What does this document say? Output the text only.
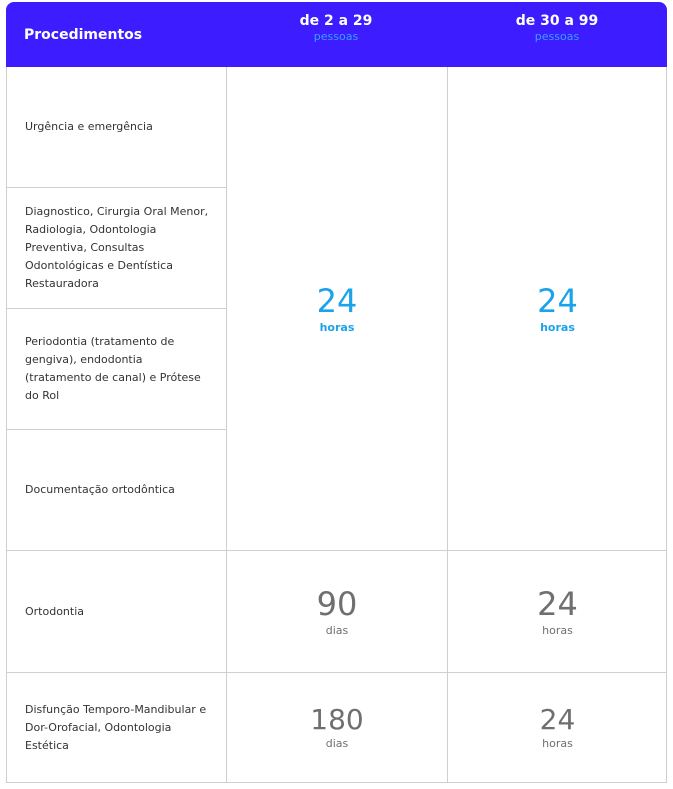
Procedimentos
de 2 a 29
pessoas
de 30 a 99
pessoas
Urgência e emergência
Diagnostico, Cirurgia Oral Menor, Radiologia, Odontologia Preventiva, Consultas Odontológicas e Dentística Restauradora
Periodontia (tratamento de gengiva), endodontia (tratamento de canal) e Prótese do Rol
Documentação ortodôntica
Ortodontia
Disfunção Temporo-Mandibular e Dor-Orofacial, Odontologia Estética
24
horas
24
horas
90
dias
24
horas
180
dias
24
horas
